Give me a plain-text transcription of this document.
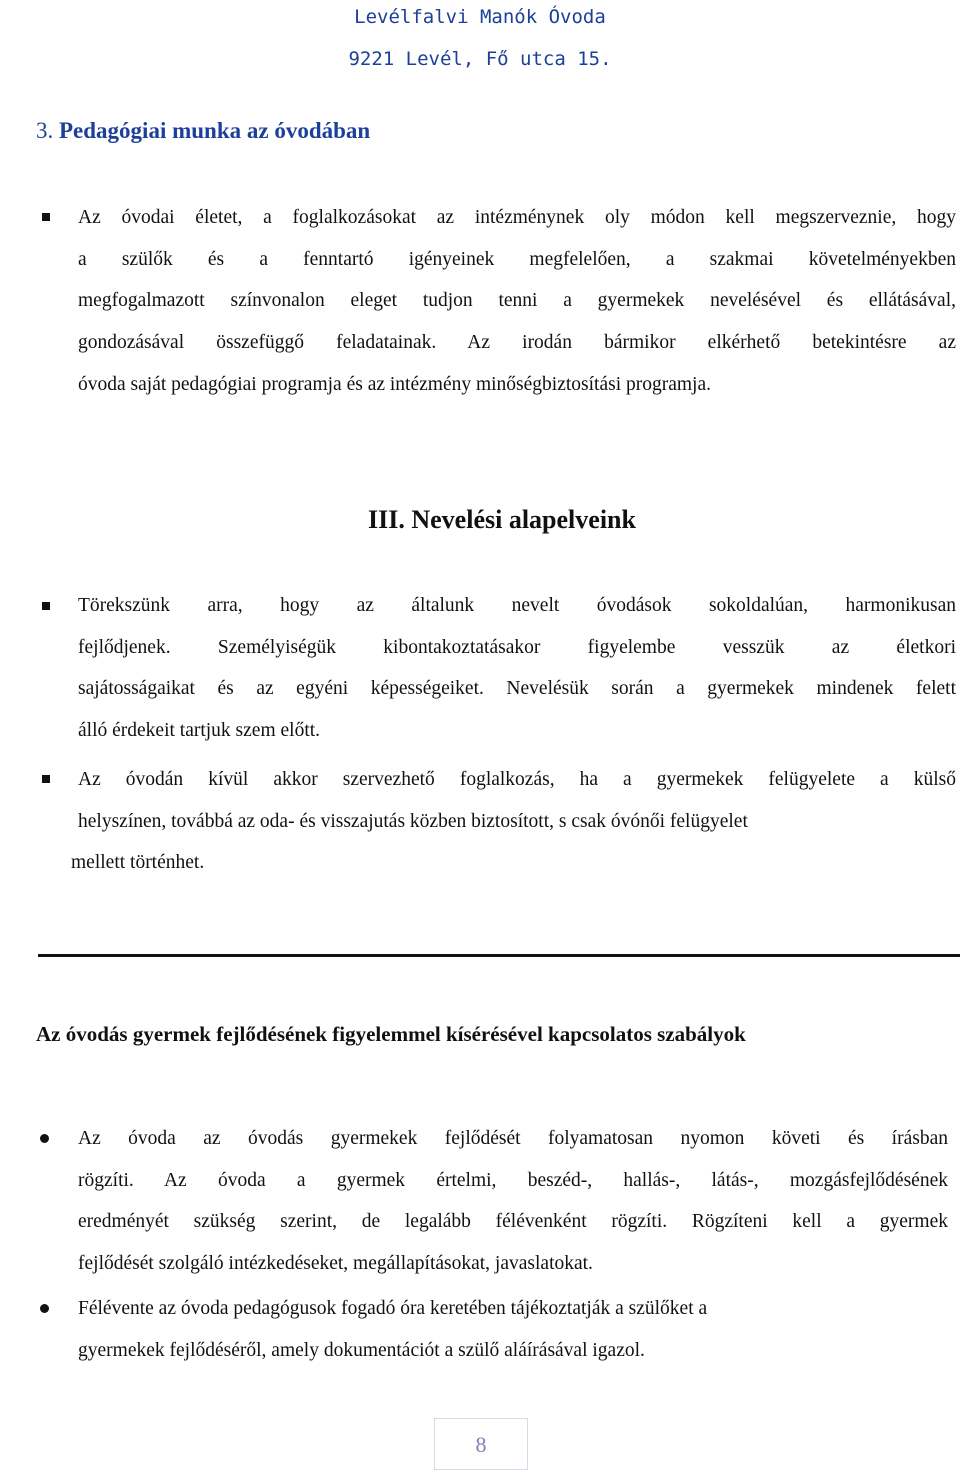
Levélfalvi Manók Óvoda
9221 Levél, Fő utca 15.
3. Pedagógiai munka az óvodában
Az óvodai életet, a foglalkozásokat az intézménynek oly módon kell megszerveznie, hogy
a szülők és a fenntartó igényeinek megfelelően, a szakmai követelményekben
megfogalmazott színvonalon eleget tudjon tenni a gyermekek nevelésével és ellátásával,
gondozásával összefüggő feladatainak. Az irodán bármikor elkérhető betekintésre az
óvoda saját pedagógiai programja és az intézmény minőségbiztosítási programja.
III. Nevelési alapelveink
Törekszünk arra, hogy az általunk nevelt óvodások sokoldalúan, harmonikusan
fejlődjenek. Személyiségük kibontakoztatásakor figyelembe vesszük az életkori
sajátosságaikat és az egyéni képességeiket. Nevelésük során a gyermekek mindenek felett
álló érdekeit tartjuk szem előtt.
Az óvodán kívül akkor szervezhető foglalkozás, ha a gyermekek felügyelete a külső
helyszínen, továbbá az oda- és visszajutás közben biztosított, s csak óvónői felügyelet
mellett történhet.
Az óvodás gyermek fejlődésének figyelemmel kísérésével kapcsolatos szabályok
Az óvoda az óvodás gyermekek fejlődését folyamatosan nyomon követi és írásban
rögzíti. Az óvoda a gyermek értelmi, beszéd-, hallás-, látás-, mozgásfejlődésének
eredményét szükség szerint, de legalább félévenként rögzíti. Rögzíteni kell a gyermek
fejlődését szolgáló intézkedéseket, megállapításokat, javaslatokat.
Félévente az óvoda pedagógusok fogadó óra keretében tájékoztatják a szülőket a
gyermekek fejlődéséről, amely dokumentációt a szülő aláírásával igazol.
8
